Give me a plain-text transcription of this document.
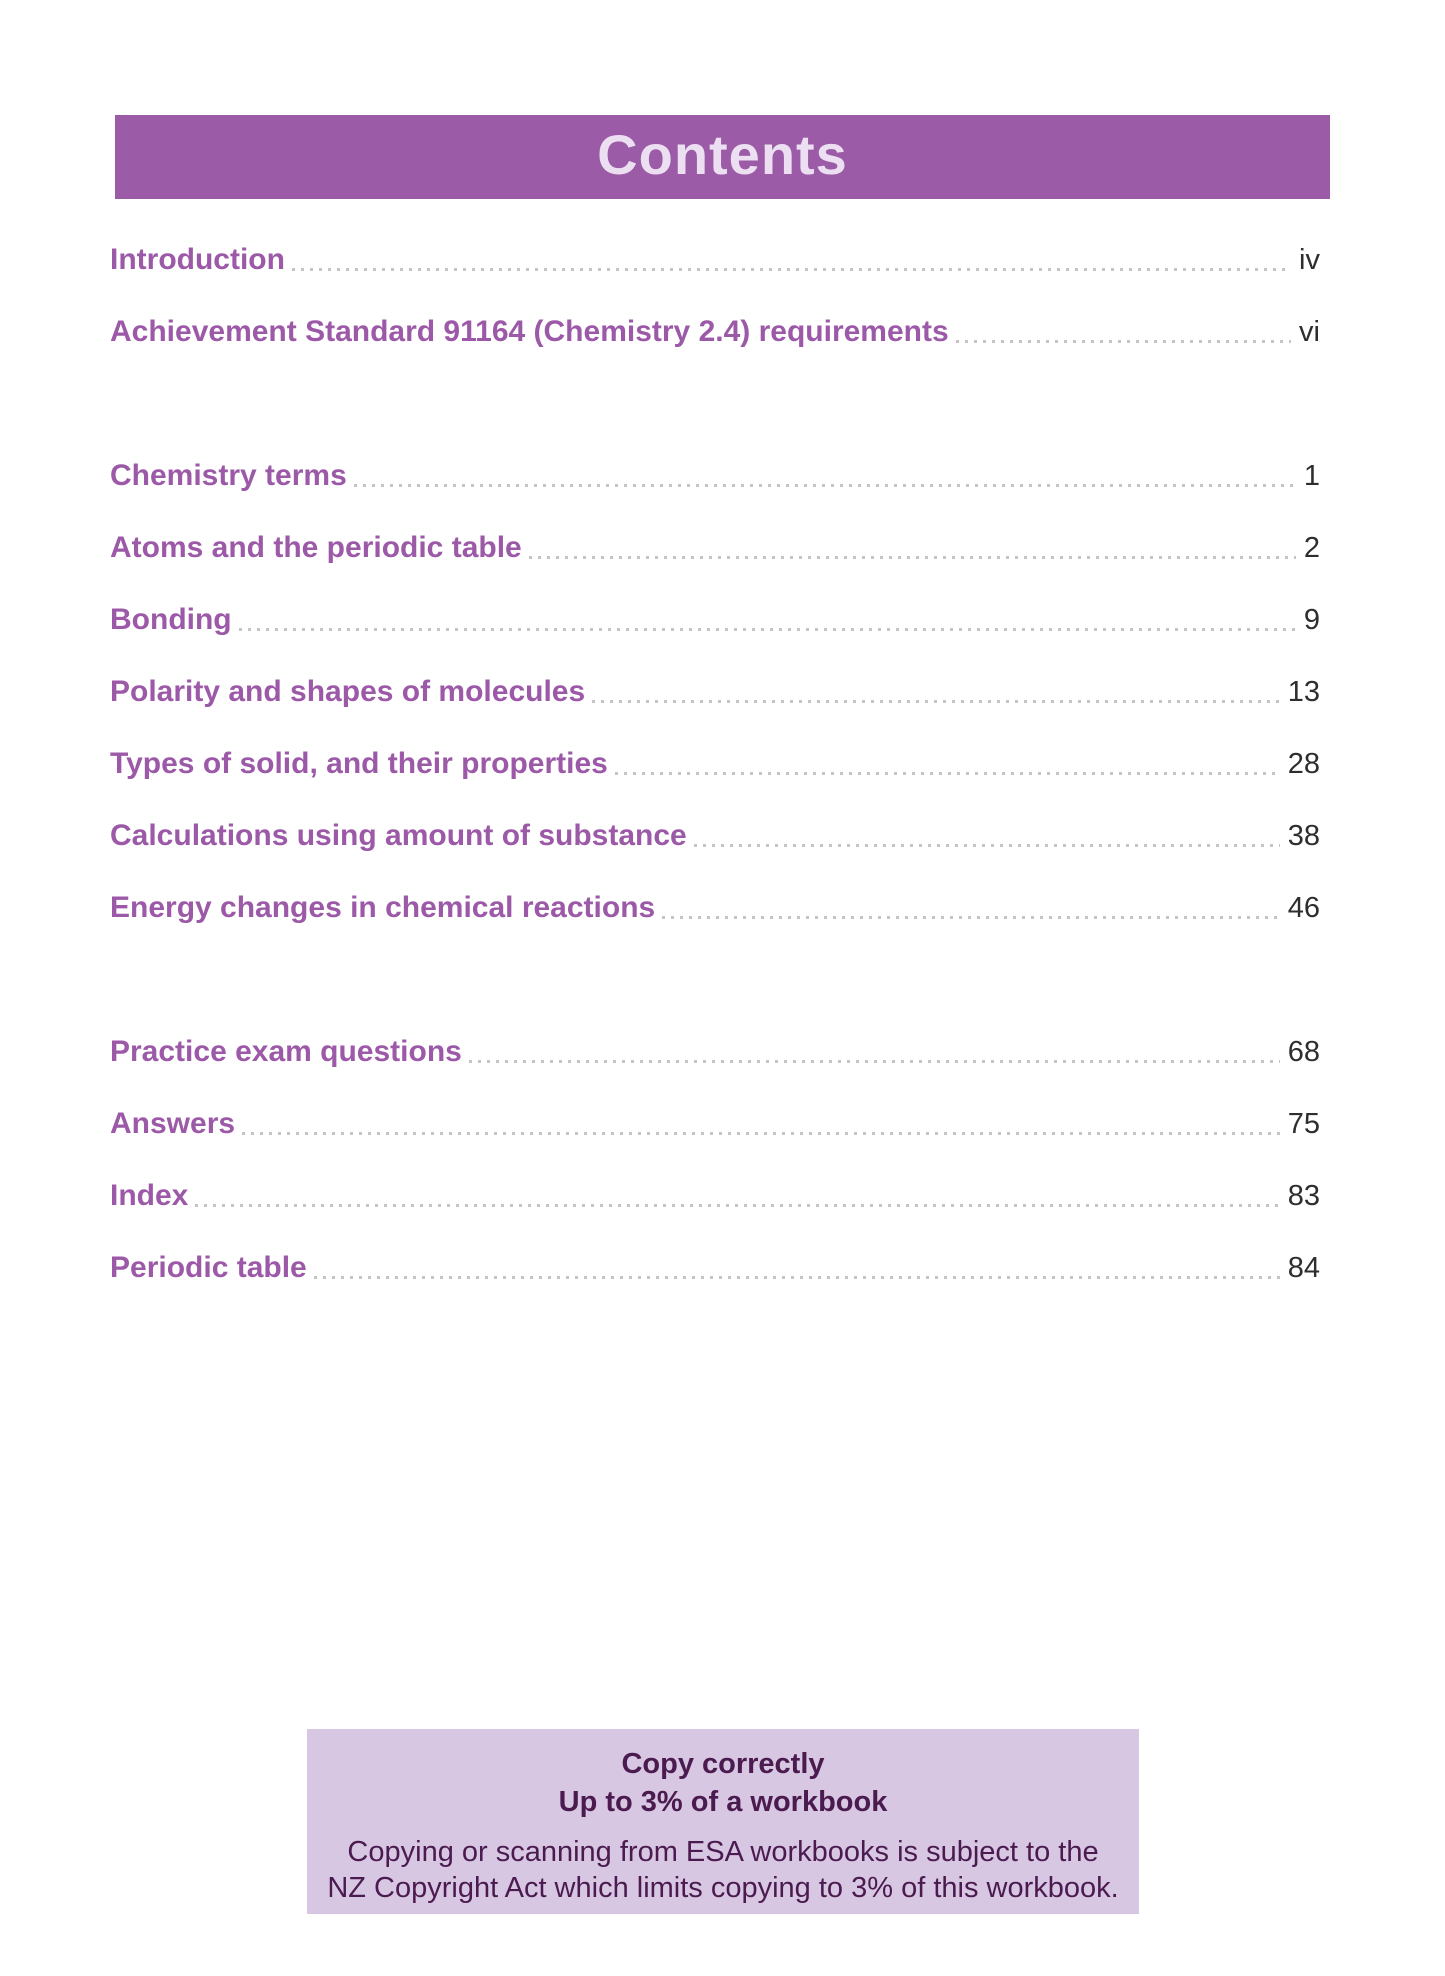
Contents
Introduction	iv
Achievement Standard 91164 (Chemistry 2.4) requirements	vi
Chemistry terms	1
Atoms and the periodic table	2
Bonding	9
Polarity and shapes of molecules	13
Types of solid, and their properties	28
Calculations using amount of substance	38
Energy changes in chemical reactions	46
Practice exam questions	68
Answers	75
Index	83
Periodic table	84
Copy correctly
Up to 3% of a workbook
Copying or scanning from ESA workbooks is subject to the
NZ Copyright Act which limits copying to 3% of this workbook.
